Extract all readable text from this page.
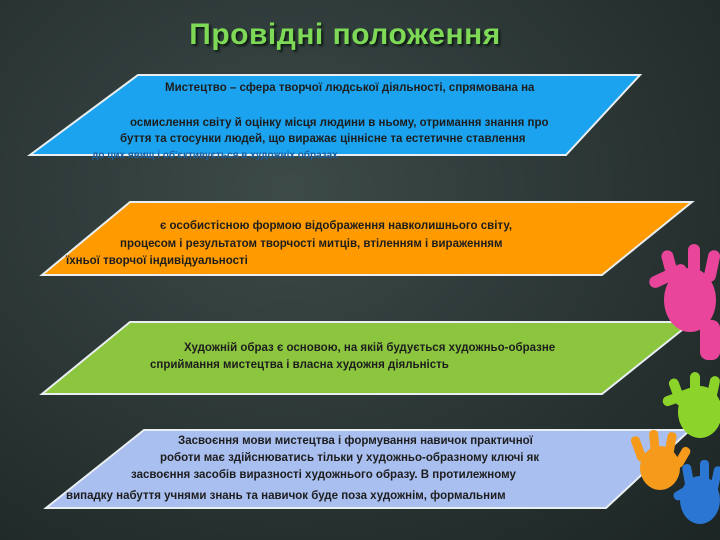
Провідні положення
Мистецтво – сфера творчої людської діяльності, спрямована на
осмислення світу й оцінку місця людини в ньому, отримання знання про
буття та стосунки людей, що виражає ціннісне та естетичне ставлення
до цих явищ і об'єктивується в художніх образах
є особистісною формою відображення навколишнього світу,
процесом і результатом творчості митців, втіленням і вираженням
їхньої творчої індивідуальності
Художній образ є основою, на якій будується художньо-образне
сприймання мистецтва і власна художня діяльність
Засвоєння мови мистецтва і формування навичок практичної
роботи має здійснюватись тільки у художньо-образному ключі як
засвоєння засобів виразності художнього образу. В протилежному
випадку набуття учнями знань та навичок буде поза художнім, формальним
